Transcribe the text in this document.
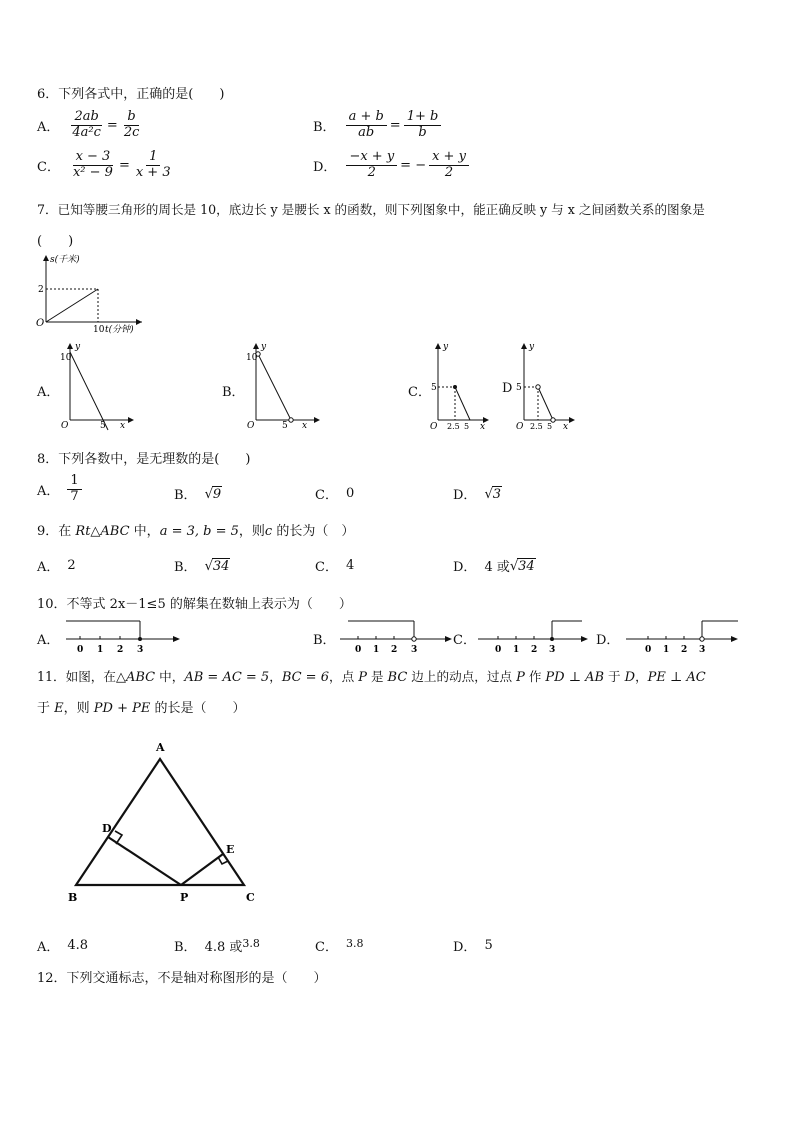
6．下列各式中，正确的是(　　)
A． $\frac{2ab}{\text{4a²c}} = \frac{b}{2c}$	B． $\frac{a + b}{ab} = \frac{1+ b}{b}$
C． $\frac{x - 3}{\text{x² − 9}} = \frac{1}{x + 3}$	D． $\frac{-x + y}{2}$ = − $\frac{x + y}{2}$
7．已知等腰三角形的周长是 10，底边长 y 是腰长 x 的函数，则下列图象中，能正确反映 y 与 x 之间函数关系的图象是
(　　)
s(千米)
2
O
10 t(分钟)
A．
y
10
O	5 x
B．
y
10
O	5 x
C．
y
5
O 2.5 5 x
D
y
5
O 2.5 5 x
8．下列各数中，是无理数的是(　　)
A． $\frac{1}{7}$	B． √ 9	C． 0	D． √ 3
9．在 Rt△ABC 中，a = 3, b = 5，则c 的长为（　）
A． 2	B． √ 34	C． 4	D． 4 或 √ 34
10．不等式 2x－1≤5 的解集在数轴上表示为（　　）
A．
0 1 2 3
B．
0 1 2 3
C．
0 1 2 3
D．
0 1 2 3
11．如图，在△ABC 中，AB = AC = 5，BC = 6，点 P 是 BC 边上的动点，过点 P 作 PD ⊥ AB 于 D，PE ⊥ AC
于 E，则 PD + PE 的长是（　　）
A
B	C
D
E
P
A． 4.8	B． 4.8 或 3.8	C． 3.8	D． 5
12．下列交通标志，不是轴对称图形的是（　　）
